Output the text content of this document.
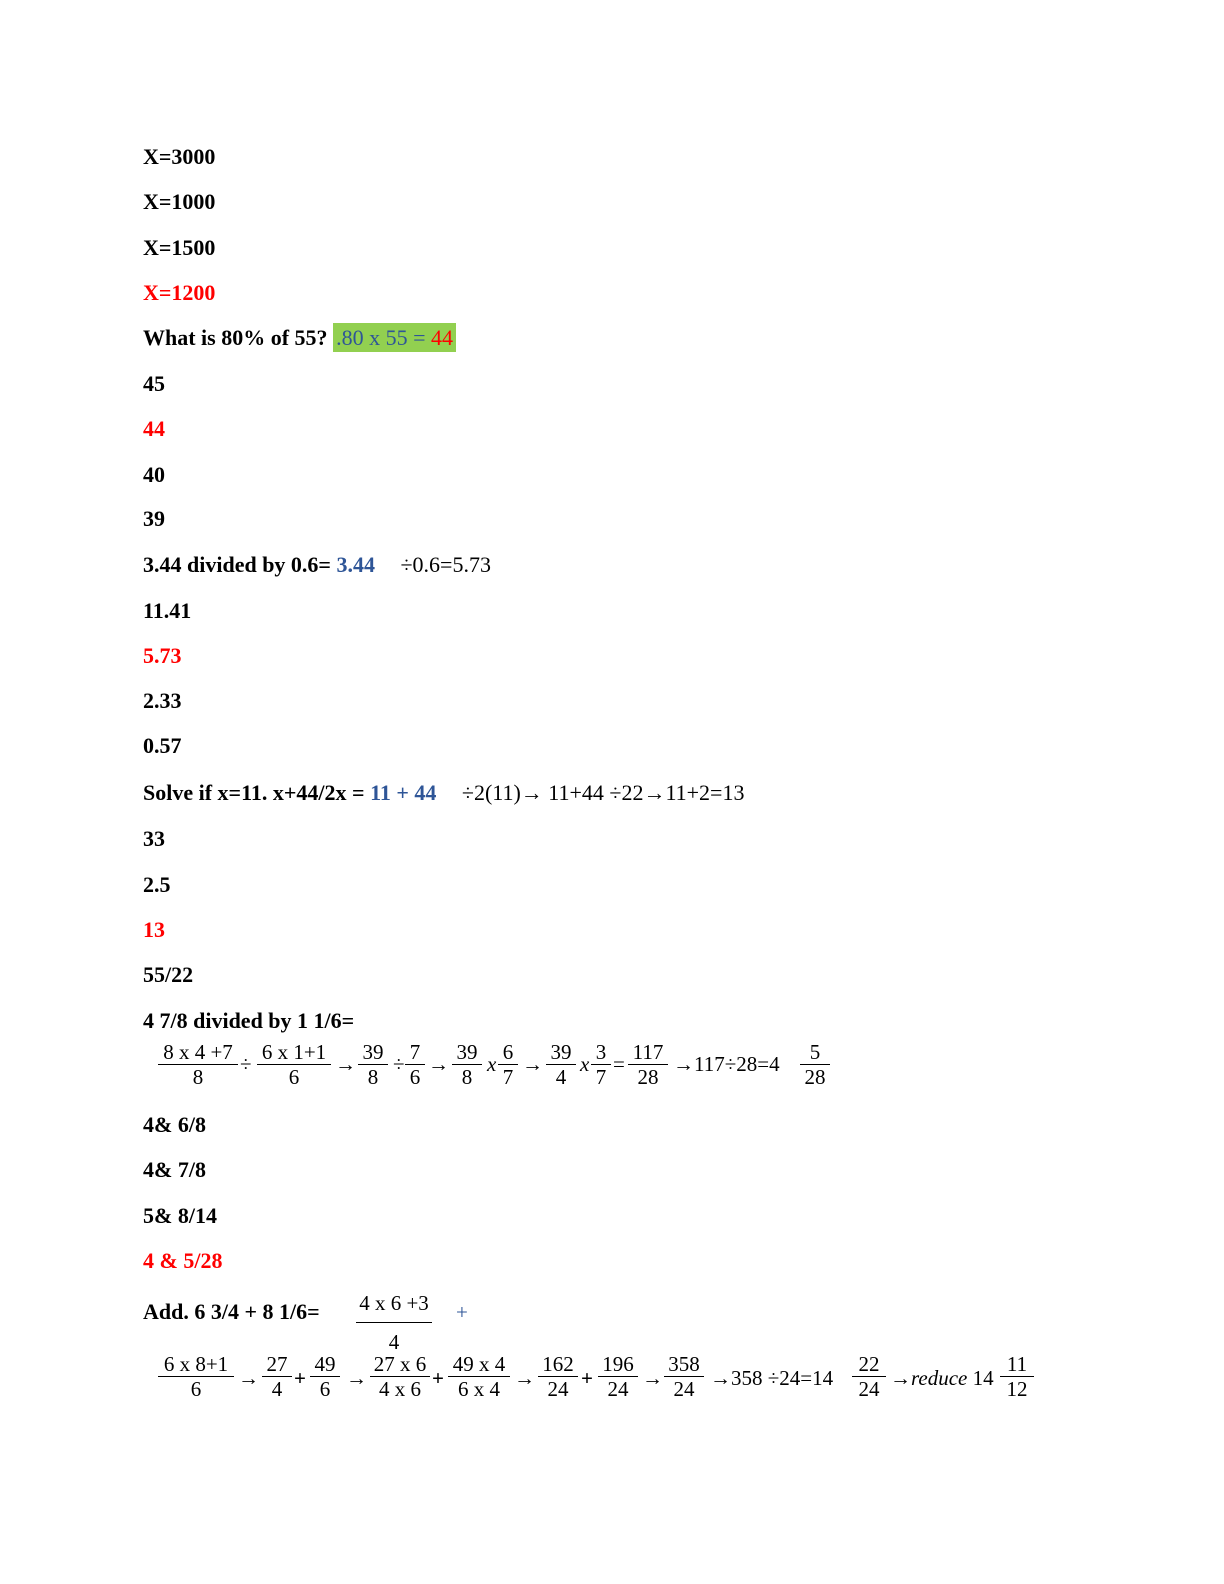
X=3000
X=1000
X=1500
X=1200
What is 80% of 55? .80 x 55 = 44
45
44
40
39
3.44 divided by 0.6= 3.44 ÷0.6=5.73
11.41
5.73
2.33
0.57
Solve if x=11. x+44/2x = 11 + 44 ÷2(11)→ 11+44 ÷22→11+2=13
33
2.5
13
55/22
4 7/8 divided by 1 1/6=
$\frac{8 x 4 +7}{8} \div \frac{6 x 1+1}{6} \to \frac{39}{8} \div \frac{7}{6} \to \frac{39}{8}$ x $\frac{6}{7} \to \frac{39}{4}$ x $\frac{3}{7} = \frac{117}{28} \to 117\div 28=4 \frac{5}{28}$
4& 6/8
4& 7/8
5& 8/14
4 & 5/28
Add. 6 3/4 + 8 $1/6= \frac{4 x 6 +3}{4}$ +
$\frac{6 x 8+1}{6} \to \frac{27}{4} + \frac{49}{6} \to \frac{27 x 6}{4 x 6} + \frac{49 x 4}{6 x 4} \to \frac{162}{24} + \frac{196}{24} \to \frac{358}{24} \to 358 \div 24=14 \frac{22}{24}$ →reduce $14 \frac{11}{12}$
